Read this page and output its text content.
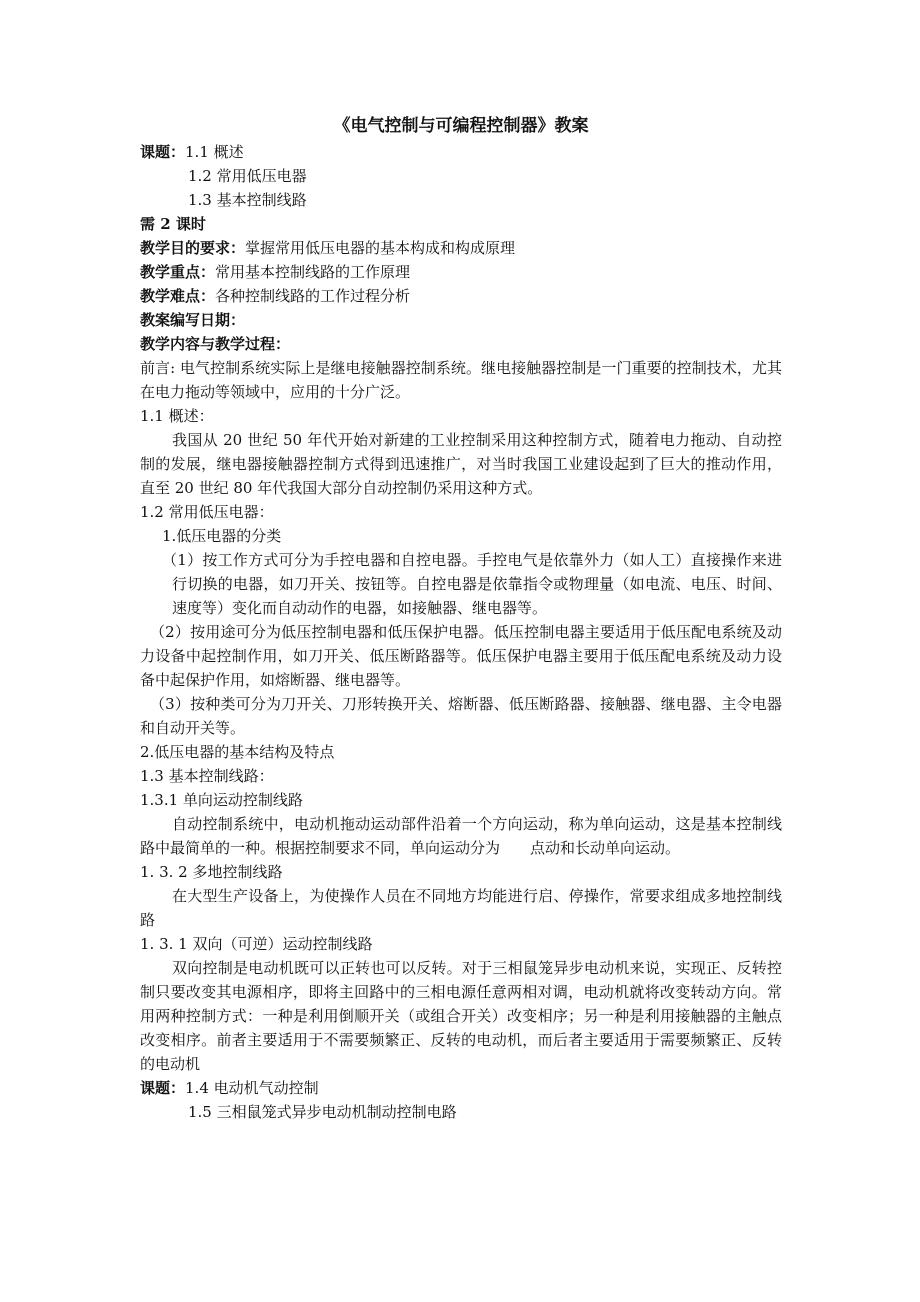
《电气控制与可编程控制器》教案
课题：1.1 概述
1.2 常用低压电器
1.3 基本控制线路
需 2 课时
教学目的要求：掌握常用低压电器的基本构成和构成原理
教学重点：常用基本控制线路的工作原理
教学难点：各种控制线路的工作过程分析
教案编写日期：
教学内容与教学过程：
前言: 电气控制系统实际上是继电接触器控制系统。继电接触器控制是一门重要的控制技术，尤其在电力拖动等领域中，应用的十分广泛。
1.1 概述：
我国从 20 世纪 50 年代开始对新建的工业控制采用这种控制方式，随着电力拖动、自动控制的发展，继电器接触器控制方式得到迅速推广，对当时我国工业建设起到了巨大的推动作用，直至 20 世纪 80 年代我国大部分自动控制仍采用这种方式。
1.2 常用低压电器：
1.低压电器的分类
（1）按工作方式可分为手控电器和自控电器。手控电气是依靠外力（如人工）直接操作来进行切换的电器，如刀开关、按钮等。自控电器是依靠指令或物理量（如电流、电压、时间、速度等）变化而自动动作的电器，如接触器、继电器等。
（2）按用途可分为低压控制电器和低压保护电器。低压控制电器主要适用于低压配电系统及动力设备中起控制作用，如刀开关、低压断路器等。低压保护电器主要用于低压配电系统及动力设备中起保护作用，如熔断器、继电器等。
（3）按种类可分为刀开关、刀形转换开关、熔断器、低压断路器、接触器、继电器、主令电器和自动开关等。
2.低压电器的基本结构及特点
1.3 基本控制线路：
1.3.1 单向运动控制线路
自动控制系统中，电动机拖动运动部件沿着一个方向运动，称为单向运动，这是基本控制线路中最简单的一种。根据控制要求不同，单向运动分为　　点动和长动单向运动。
1. 3. 2 多地控制线路
在大型生产设备上，为使操作人员在不同地方均能进行启、停操作，常要求组成多地控制线路
1. 3. 1 双向（可逆）运动控制线路
双向控制是电动机既可以正转也可以反转。对于三相鼠笼异步电动机来说，实现正、反转控制只要改变其电源相序，即将主回路中的三相电源任意两相对调，电动机就将改变转动方向。常用两种控制方式：一种是利用倒顺开关（或组合开关）改变相序；另一种是利用接触器的主触点改变相序。前者主要适用于不需要频繁正、反转的电动机，而后者主要适用于需要频繁正、反转的电动机
课题：1.4 电动机气动控制
1.5 三相鼠笼式异步电动机制动控制电路
